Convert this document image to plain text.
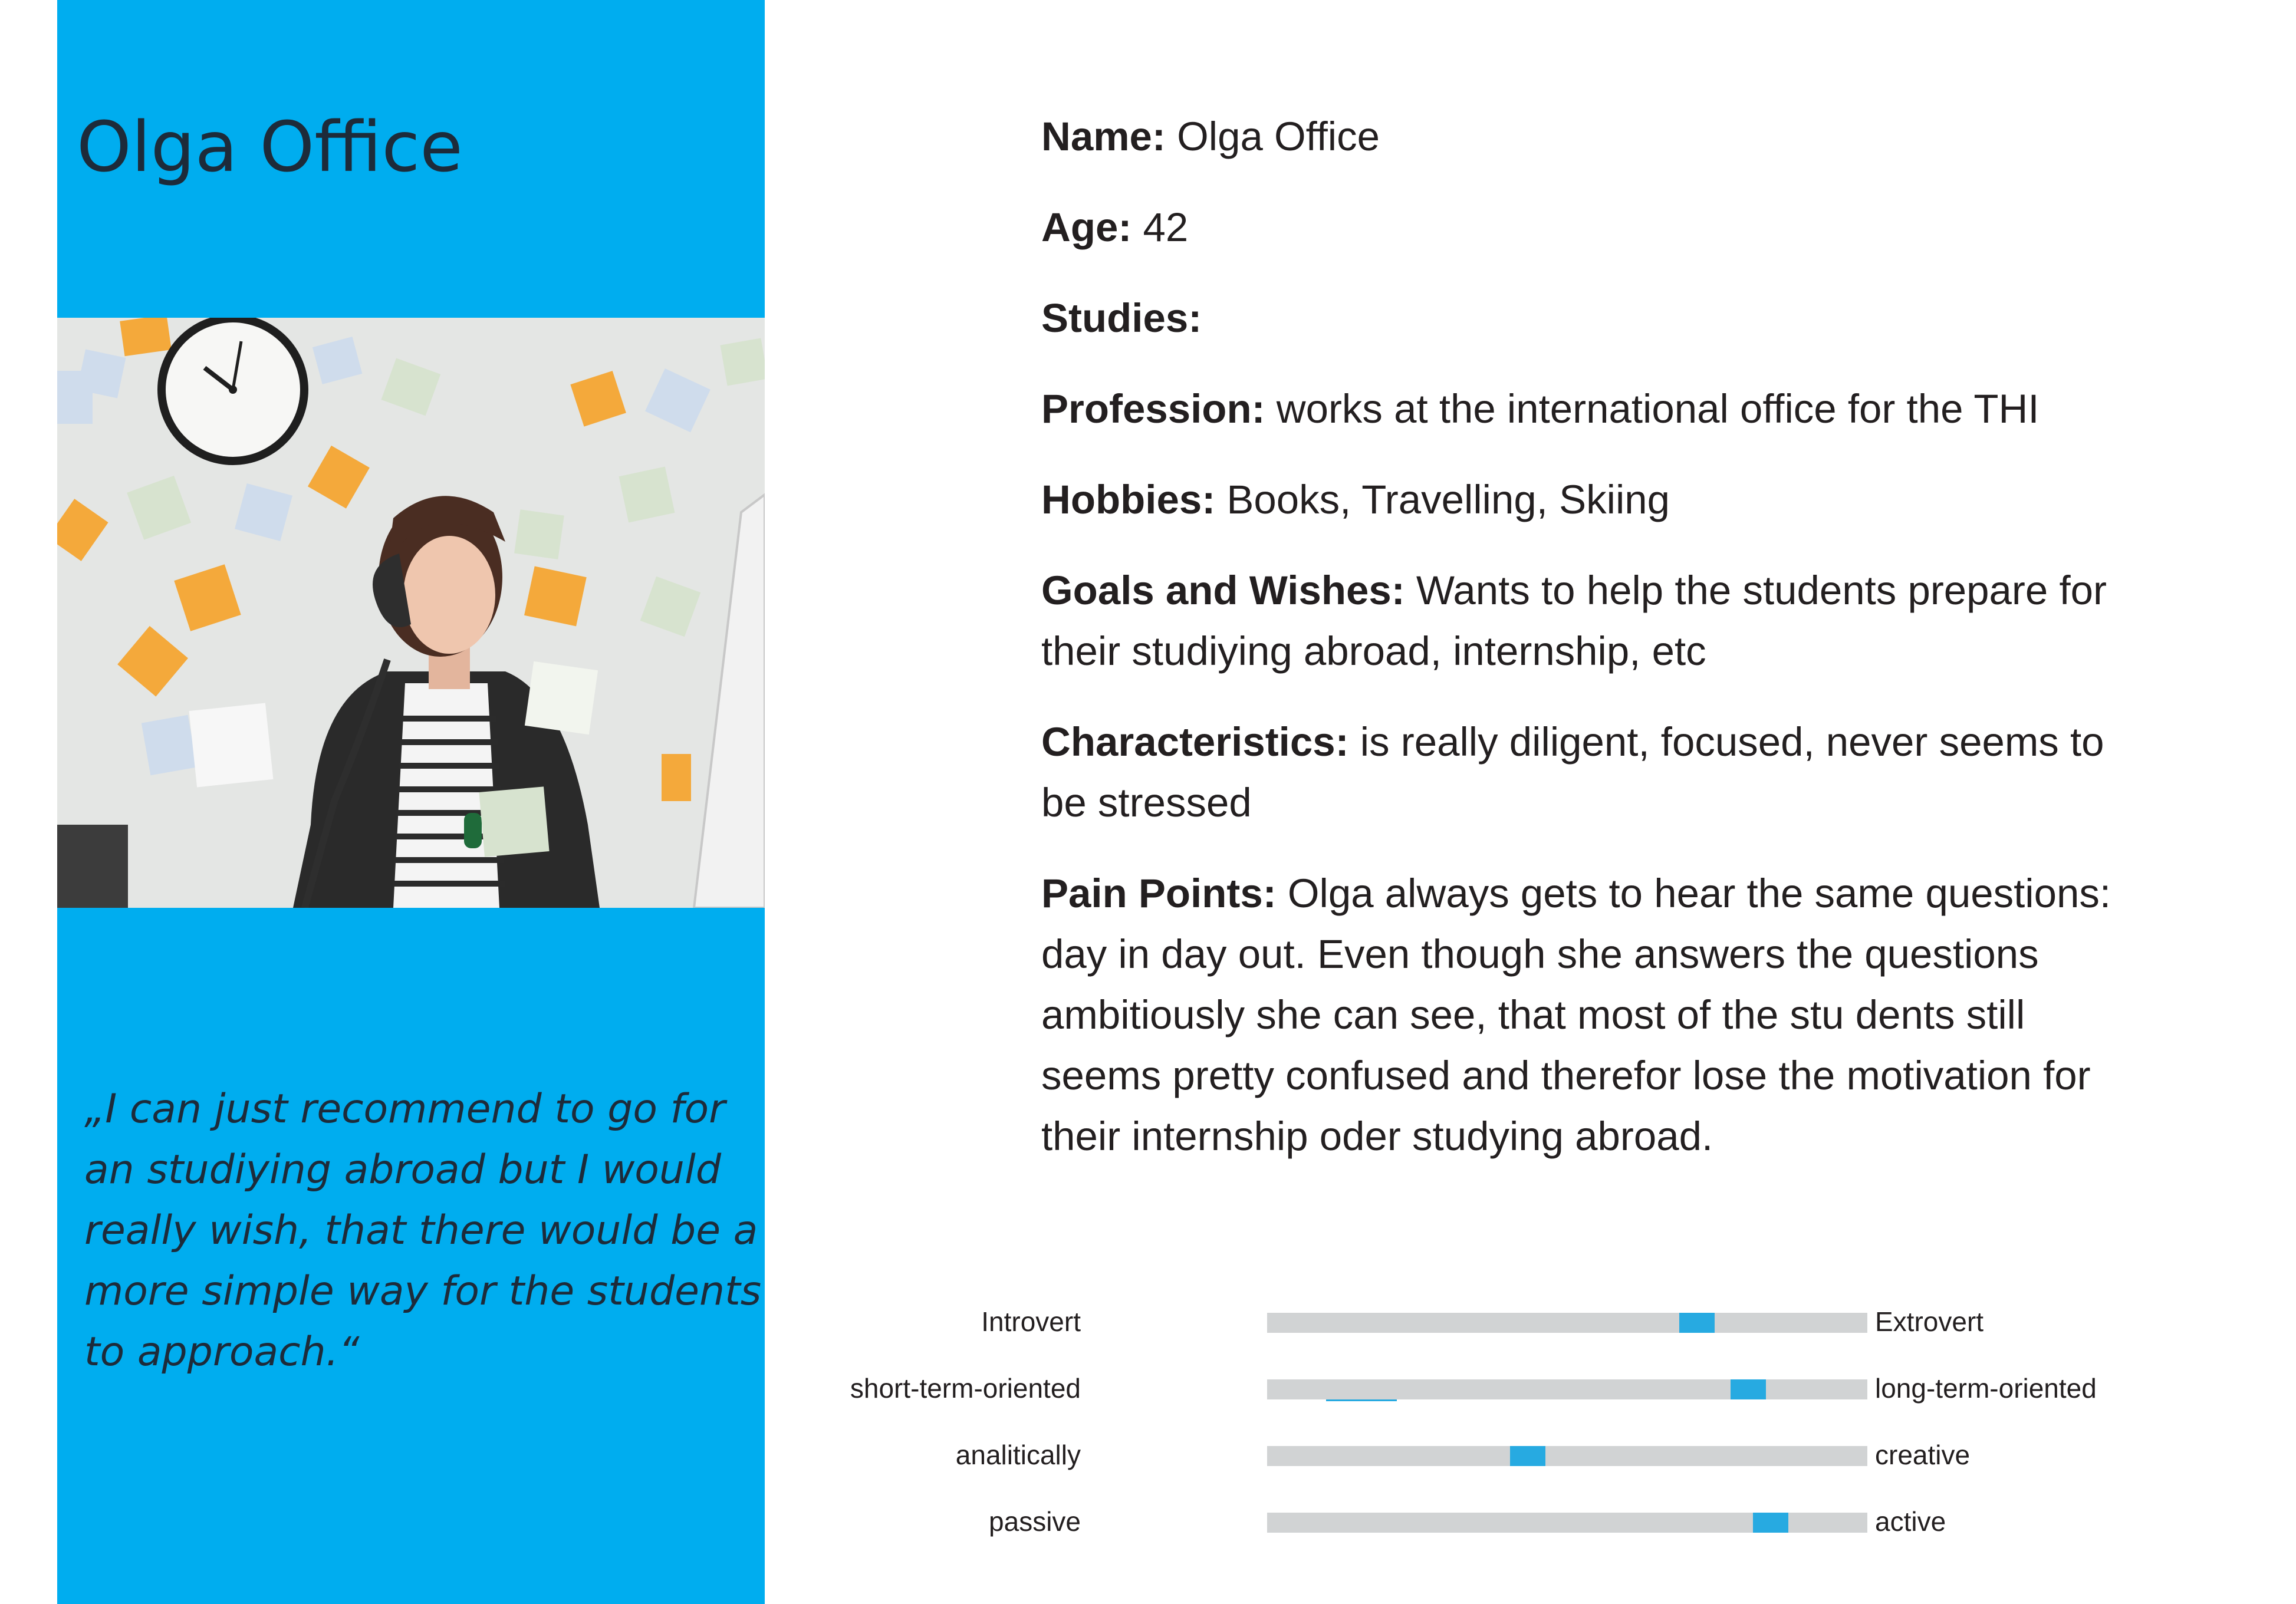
Olga Office
„I can just recommend to go for an studiying abroad but I would really wish, that there would be a more simple way for the students to approach.“
Name: Olga Office
Age: 42
Studies:
Profession: works at the international office for the THI
Hobbies: Books, Travelling, Skiing
Goals and Wishes: Wants to help the students prepare for their studiying abroad, internship, etc
Characteristics: is really diligent, focused, never seems to be stressed
Pain Points: Olga always gets to hear the same questions: day in day out. Even though she answers the questions ambitiously she can see, that most of the stu dents still seems pretty confused and therefor lose the motivation for their internship oder studying abroad.
Introvert	Extrovert
short-term-oriented	long-term-oriented
analitically	creative
passive	active
